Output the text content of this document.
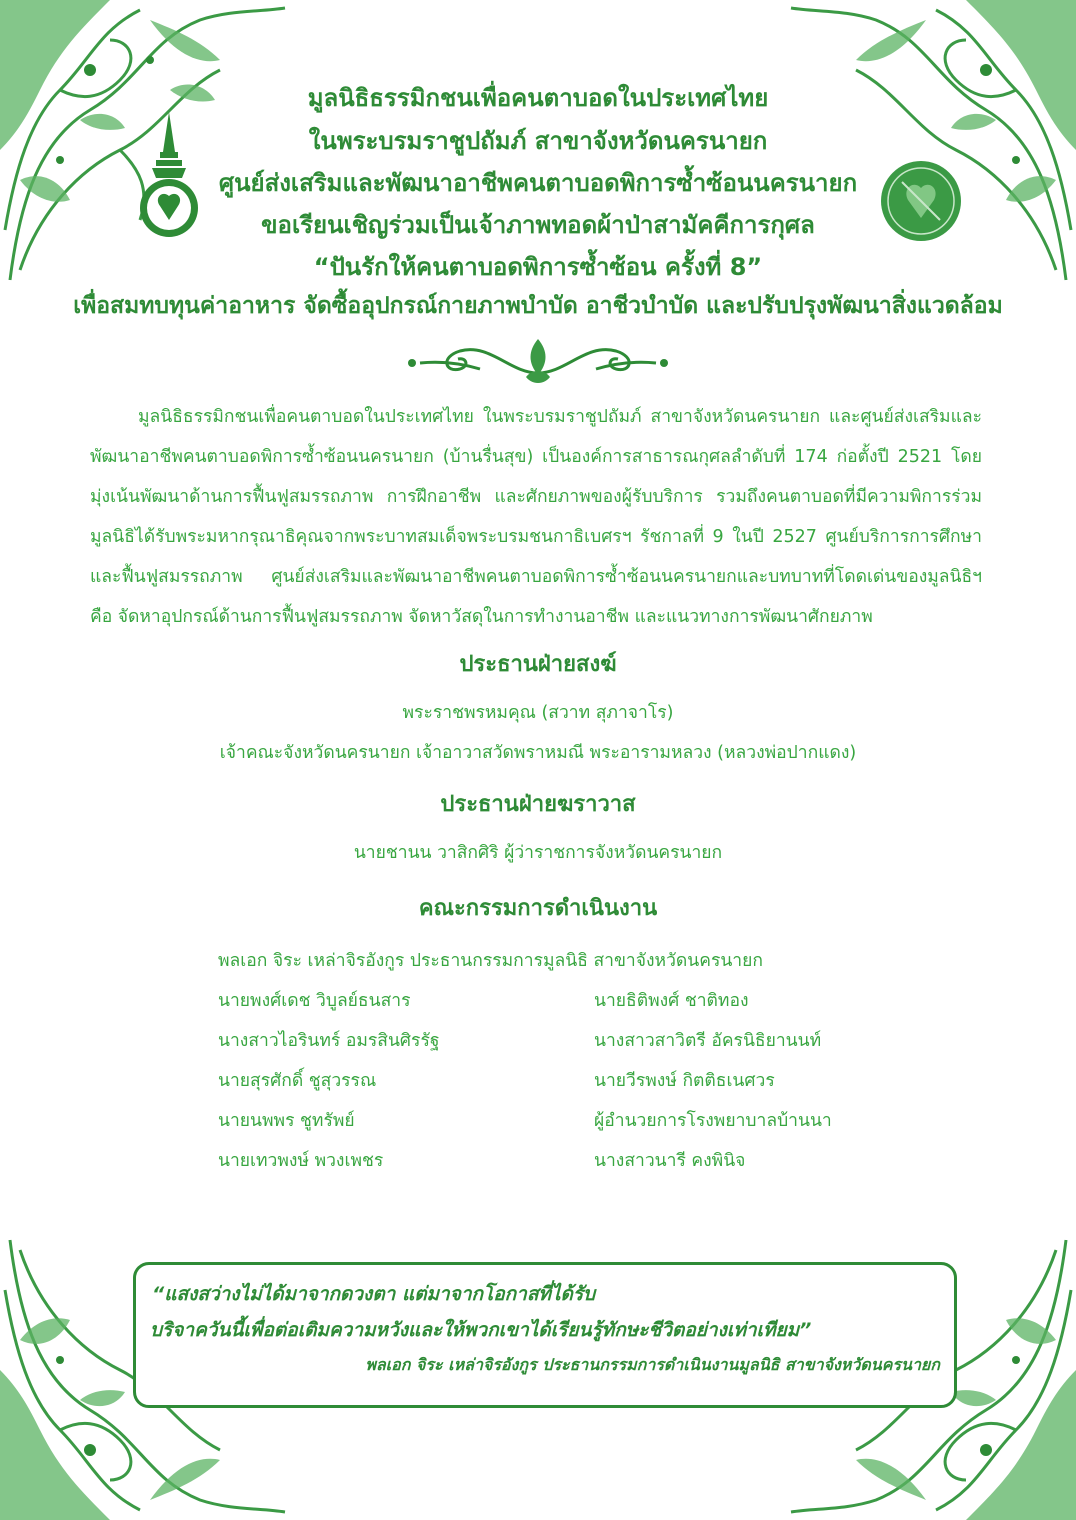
มูลนิธิธรรมิกชนเพื่อคนตาบอดในประเทศไทย
ในพระบรมราชูปถัมภ์ สาขาจังหวัดนครนายก
ศูนย์ส่งเสริมและพัฒนาอาชีพคนตาบอดพิการซ้ำซ้อนนครนายก
ขอเรียนเชิญร่วมเป็นเจ้าภาพทอดผ้าป่าสามัคคีการกุศล
“ปันรักให้คนตาบอดพิการซ้ำซ้อน ครั้งที่ 8”
เพื่อสมทบทุนค่าอาหาร จัดซื้ออุปกรณ์กายภาพบำบัด อาชีวบำบัด และปรับปรุงพัฒนาสิ่งแวดล้อม

มูลนิธิธรรมิกชนเพื่อคนตาบอดในประเทศไทย ในพระบรมราชูปถัมภ์ สาขาจังหวัดนครนายก และศูนย์ส่งเสริมและพัฒนาอาชีพคนตาบอดพิการซ้ำซ้อนนครนายก (บ้านรื่นสุข) เป็นองค์การสาธารณกุศลลำดับที่ 174 ก่อตั้งปี 2521 โดยมุ่งเน้นพัฒนาด้านการฟื้นฟูสมรรถภาพ การฝึกอาชีพ และศักยภาพของผู้รับบริการ รวมถึงคนตาบอดที่มีความพิการร่วม มูลนิธิได้รับพระมหากรุณาธิคุณจากพระบาทสมเด็จพระบรมชนกาธิเบศรฯ รัชกาลที่ 9 ในปี 2527 ศูนย์บริการการศึกษาและฟื้นฟูสมรรถภาพ ศูนย์ส่งเสริมและพัฒนาอาชีพคนตาบอดพิการซ้ำซ้อนนครนายกและบทบาทที่โดดเด่นของมูลนิธิฯ คือ จัดหาอุปกรณ์ด้านการฟื้นฟูสมรรถภาพ จัดหาวัสดุในการทำงานอาชีพ และแนวทางการพัฒนาศักยภาพ

ประธานฝ่ายสงฆ์
พระราชพรหมคุณ (สวาท สุภาจาโร)
เจ้าคณะจังหวัดนครนายก เจ้าอาวาสวัดพราหมณี พระอารามหลวง (หลวงพ่อปากแดง)
ประธานฝ่ายฆราวาส
นายชานน วาสิกศิริ ผู้ว่าราชการจังหวัดนครนายก
คณะกรรมการดำเนินงาน
พลเอก จิระ เหล่าจิรอังกูร ประธานกรรมการมูลนิธิ สาขาจังหวัดนครนายก
นายพงศ์เดช วิบูลย์ธนสาร	นายธิติพงศ์ ชาติทอง
นางสาวไอรินทร์ อมรสินศิรรัฐ	นางสาวสาวิตรี อัครนิธิยานนท์
นายสุรศักดิ์ ชูสุวรรณ	นายวีรพงษ์ กิตติธเนศวร
นายนพพร ชูทรัพย์	ผู้อำนวยการโรงพยาบาลบ้านนา
นายเทวพงษ์ พวงเพชร	นางสาวนารี คงพินิจ
“แสงสว่างไม่ได้มาจากดวงตา แต่มาจากโอกาสที่ได้รับ
บริจาควันนี้เพื่อต่อเติมความหวังและให้พวกเขาได้เรียนรู้ทักษะชีวิตอย่างเท่าเทียม”
พลเอก จิระ เหล่าจิรอังกูร ประธานกรรมการดำเนินงานมูลนิธิ สาขาจังหวัดนครนายก
